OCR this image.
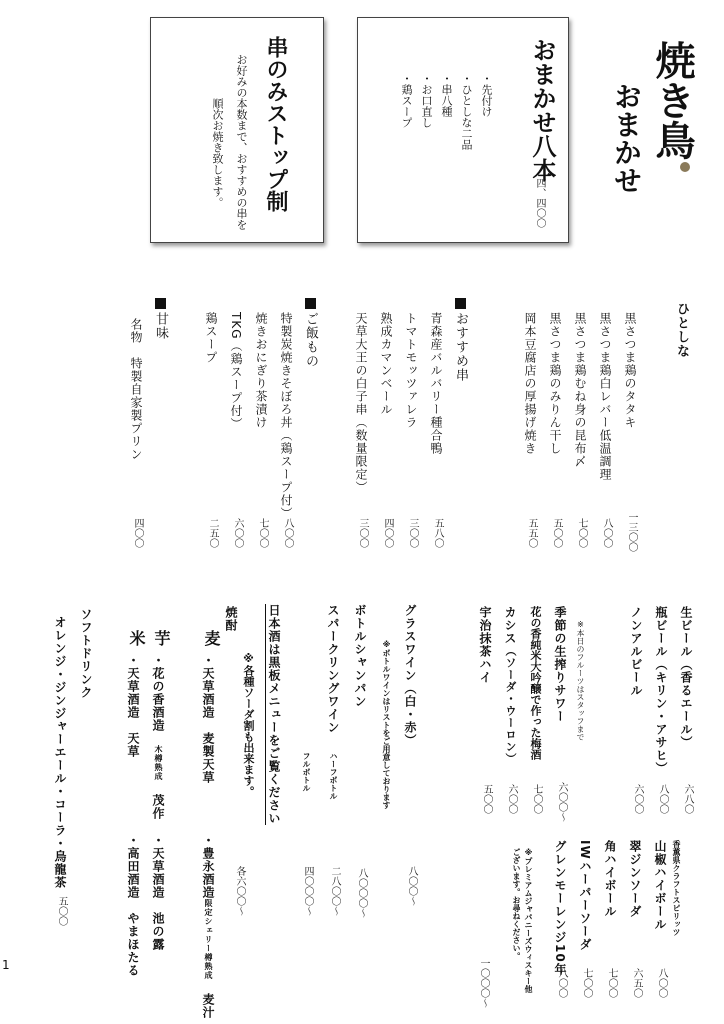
焼き鳥
おまかせ
おまかせ八本
・先付け
・ひとしな二品
・串八種
・お口直し
・鶏スープ
四、四〇〇
串のみストップ制
お好みの本数まで、おすすめの串を
順次お焼き致します。
ひとしな
黒さつま鶏のタタキ
一三〇〇
黒さつま鶏白レバー低温調理
八〇〇
黒さつま鶏むね身の昆布〆
七〇〇
黒さつま鶏のみりん干し
五〇〇
岡本豆腐店の厚揚げ焼き
五五〇
おすすめ串
青森産バルバリー種合鴨
五八〇
トマトモッツァレラ
三〇〇
熟成カマンベール
四〇〇
天草大王の白子串（数量限定）
三〇〇
ご飯もの
特製炭焼きそぼろ丼（鶏スープ付）
八〇〇
焼きおにぎり茶漬け
七〇〇
TKG（鶏スープ付）
六〇〇
鶏スープ
二五〇
甘味
名物　特製自家製プリン
四〇〇
生ビール（香るエール）
六八〇
瓶ビール（キリン・アサヒ）
八〇〇
ノンアルビール
六〇〇
※本日のフルーツはスタッフまで
季節の生搾りサワー
六〇〇〜
花の香純米大吟醸で作った梅酒
七〇〇
カシス（ソーダ・ウーロン）
六〇〇
宇治抹茶ハイ
五〇〇
香薫県クラフトスピリッツ
山椒ハイボール
八〇〇
翠ジンソーダ
六五〇
角ハイボール
七〇〇
IWハーパーソーダ
七〇〇
グレンモーレンジ10年
八〇〇
※プレミアムジャパニーズウィスキー他
ございます。お尋ねください。
一〇〇〇〜
グラスワイン（白・赤）
八〇〇〜
※ボトルワインはリストをご用意しております
ボトルシャンパン
八〇〇〇〜
スパークリングワイン
ハーフボトル
二八〇〇〜
フルボトル
四〇〇〇〜
日本酒は黒板メニューをご覧ください
焼酎
※各種ソーダ割も出来ます。
各六〇〇〜
麦
・天草酒造　麦製天草
・豊永酒造限定シェリー樽熟成　麦汁
芋
・花の香酒造　木樽熟成　茂作
・天草酒造　池の露
米
・天草酒造　天草
・高田酒造　やまほたる
ソフトドリンク
オレンジ・ジンジャーエール・コーラ・烏龍茶
五〇〇
1
